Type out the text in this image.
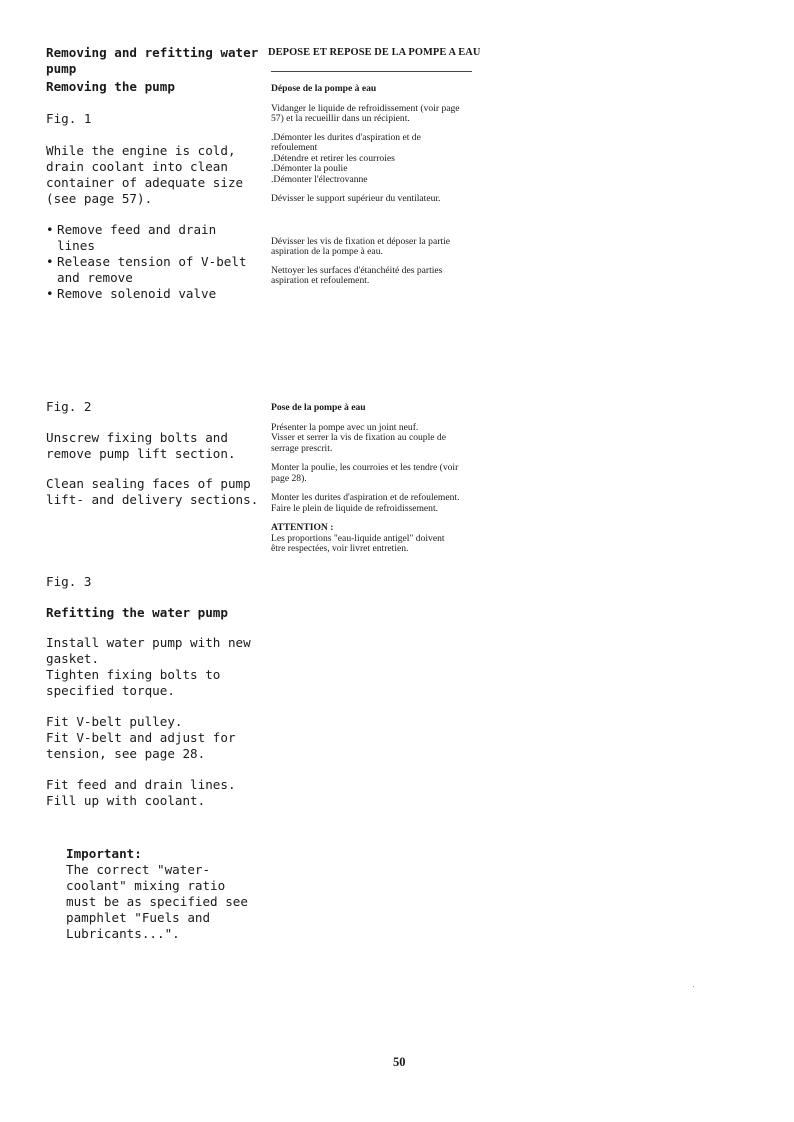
Removing and refitting water pump

Removing the pump

Fig. 1

While the engine is cold, drain coolant into clean container of adequate size (see page 57).

• Remove feed and drain lines
• Release tension of V-belt and remove
• Remove solenoid valve

Fig. 2

Unscrew fixing bolts and remove pump lift section.

Clean sealing faces of pump lift- and delivery sections.

Fig. 3

Refitting the water pump

Install water pump with new gasket.

Tighten fixing bolts to specified torque.

Fit V-belt pulley.

Fit V-belt and adjust for tension, see page 28.

Fit feed and drain lines.

Fill up with coolant.

Important:

The correct "water-coolant" mixing ratio must be as specified see pamphlet "Fuels and Lubricants...".

DEPOSE ET REPOSE DE LA POMPE A EAU

Dépose de la pompe à eau

Vidanger le liquide de refroidissement (voir page 57) et la recueillir dans un récipient.

.Démonter les durites d'aspiration et de refoulement

.Détendre et retirer les courroies

.Démonter la poulie

.Démonter l'électrovanne

Dévisser le support supérieur du ventilateur.

Dévisser les vis de fixation et déposer la partie aspiration de la pompe à eau.

Nettoyer les surfaces d'étanchéité des parties aspiration et refoulement.

Pose de la pompe à eau

Présenter la pompe avec un joint neuf.

Visser et serrer la vis de fixation au couple de serrage prescrit.

Monter la poulie, les courroies et les tendre (voir page 28).

Monter les durites d'aspiration et de refoulement. Faire le plein de liquide de refroidissement.

ATTENTION :

Les proportions "eau-liquide antigel" doivent être respectées, voir livret entretien.

50
